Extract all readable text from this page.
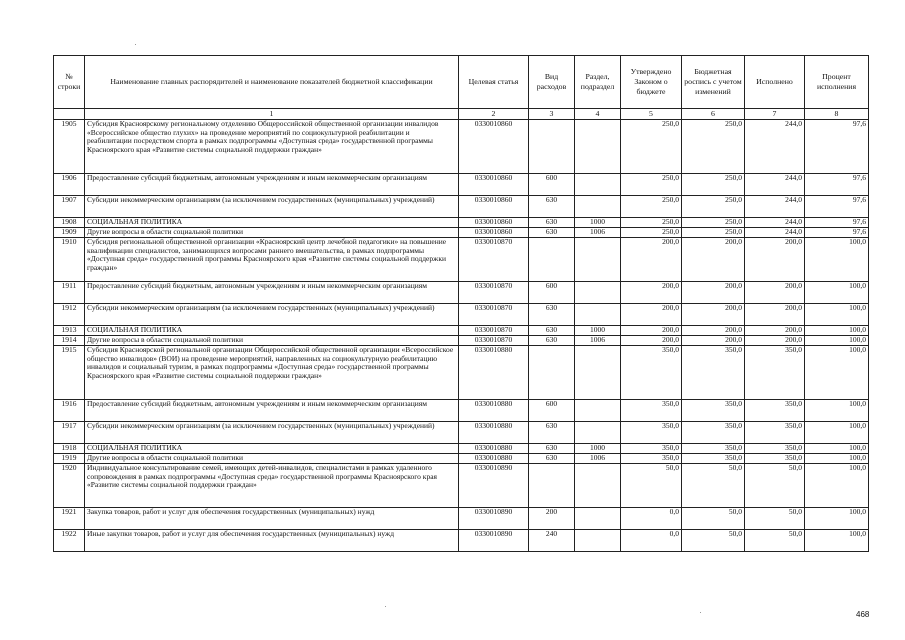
№ строки	Наименование главных распорядителей и наименование показателей бюджетной классификации	Целевая статья	Вид расходов	Раздел, подраздел	Утверждено Законом о бюджете	Бюджетная роспись с учетом изменений	Исполнено	Процент исполнения
	1	2	3	4	5	6	7	8
1905	Субсидия Красноярскому региональному отделению Общероссийской общественной организации инвалидов «Всероссийское общество глухих» на проведение мероприятий по социокультурной реабилитации и реабилитации посредством спорта в рамках подпрограммы «Доступная среда» государственной программы Красноярского края «Развитие системы социальной поддержки граждан»	0330010860			250,0	250,0	244,0	97,6
1906	Предоставление субсидий бюджетным, автономным учреждениям и иным некоммерческим организациям	0330010860	600		250,0	250,0	244,0	97,6
1907	Субсидии некоммерческим организациям (за исключением государственных (муниципальных) учреждений)	0330010860	630		250,0	250,0	244,0	97,6
1908	СОЦИАЛЬНАЯ ПОЛИТИКА	0330010860	630	1000	250,0	250,0	244,0	97,6
1909	Другие вопросы в области социальной политики	0330010860	630	1006	250,0	250,0	244,0	97,6
1910	Субсидия региональной общественной организации «Красноярский центр лечебной педагогики» на повышение квалификации специалистов, занимающихся вопросами раннего вмешательства, в рамках подпрограммы «Доступная среда» государственной программы Красноярского края «Развитие системы социальной поддержки граждан»	0330010870			200,0	200,0	200,0	100,0
1911	Предоставление субсидий бюджетным, автономным учреждениям и иным некоммерческим организациям	0330010870	600		200,0	200,0	200,0	100,0
1912	Субсидии некоммерческим организациям (за исключением государственных (муниципальных) учреждений)	0330010870	630		200,0	200,0	200,0	100,0
1913	СОЦИАЛЬНАЯ ПОЛИТИКА	0330010870	630	1000	200,0	200,0	200,0	100,0
1914	Другие вопросы в области социальной политики	0330010870	630	1006	200,0	200,0	200,0	100,0
1915	Субсидия Красноярской региональной организации Общероссийской общественной организации «Всероссийское общество инвалидов» (ВОИ) на проведение мероприятий, направленных на социокультурную реабилитацию инвалидов и социальный туризм, в рамках подпрограммы «Доступная среда» государственной программы Красноярского края «Развитие системы социальной поддержки граждан»	0330010880			350,0	350,0	350,0	100,0
1916	Предоставление субсидий бюджетным, автономным учреждениям и иным некоммерческим организациям	0330010880	600		350,0	350,0	350,0	100,0
1917	Субсидии некоммерческим организациям (за исключением государственных (муниципальных) учреждений)	0330010880	630		350,0	350,0	350,0	100,0
1918	СОЦИАЛЬНАЯ ПОЛИТИКА	0330010880	630	1000	350,0	350,0	350,0	100,0
1919	Другие вопросы в области социальной политики	0330010880	630	1006	350,0	350,0	350,0	100,0
1920	Индивидуальное консультирование семей, имеющих детей-инвалидов, специалистами в рамках удаленного сопровождения в рамках подпрограммы «Доступная среда» государственной программы Красноярского края «Развитие системы социальной поддержки граждан»	0330010890			50,0	50,0	50,0	100,0
1921	Закупка товаров, работ и услуг для обеспечения государственных (муниципальных) нужд	0330010890	200		0,0	50,0	50,0	100,0
1922	Иные закупки товаров, работ и услуг для обеспечения государственных (муниципальных) нужд	0330010890	240		0,0	50,0	50,0	100,0
468
